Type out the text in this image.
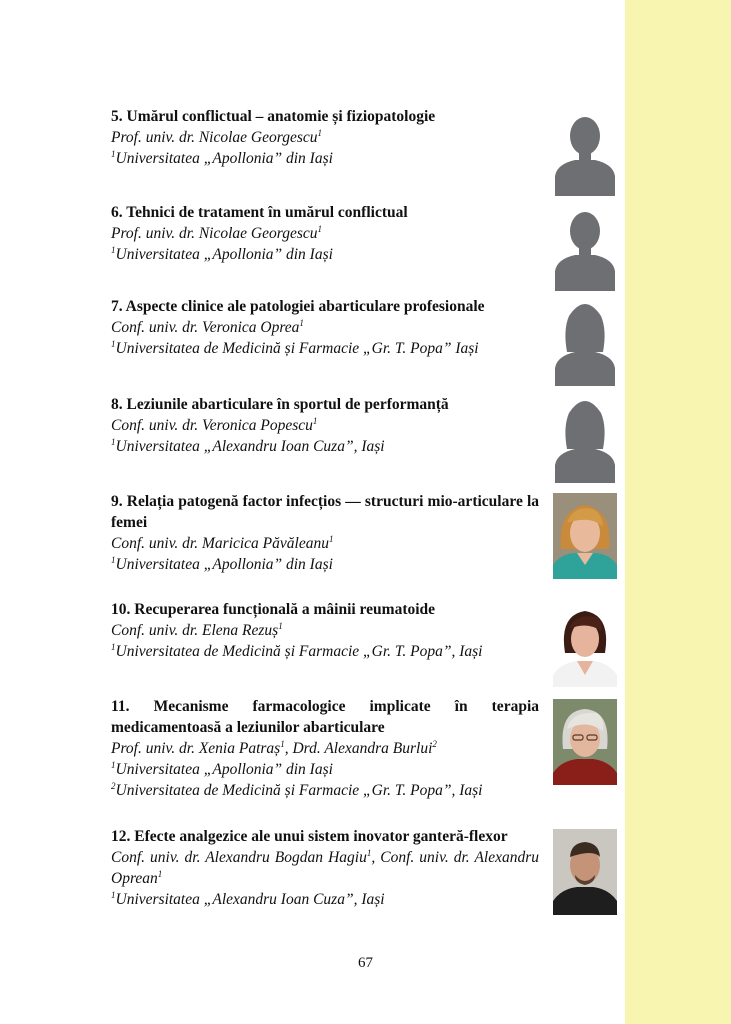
5. Umărul conflictual – anatomie și fiziopatologie
Prof. univ. dr. Nicolae Georgescu$^1$
$^1$Universitatea „Apollonia” din Iași
6. Tehnici de tratament în umărul conflictual
Prof. univ. dr. Nicolae Georgescu$^1$
$^1$Universitatea „Apollonia” din Iași
7. Aspecte clinice ale patologiei abarticulare profesionale
Conf. univ. dr. Veronica Oprea$^1$
$^1$Universitatea de Medicină și Farmacie „Gr. T. Popa” Iași
8. Leziunile abarticulare în sportul de performanță
Conf. univ. dr. Veronica Popescu$^1$
$^1$Universitatea „Alexandru Ioan Cuza”, Iași
9. Relația patogenă factor infecțios — structuri mio-articulare la femei
Conf. univ. dr. Maricica Păvăleanu$^1$
$^1$Universitatea „Apollonia” din Iași
10. Recuperarea funcțională a mâinii reumatoide
Conf. univ. dr. Elena Rezuș$^1$
$^1$Universitatea de Medicină și Farmacie „Gr. T. Popa”, Iași
11. Mecanisme farmacologice implicate în terapia medicamentoasă a leziunilor abarticulare
Prof. univ. dr. Xenia Patraș$^1$, Drd. Alexandra Burlui$^2$
$^1$Universitatea „Apollonia” din Iași
$^2$Universitatea de Medicină și Farmacie „Gr. T. Popa”, Iași
12. Efecte analgezice ale unui sistem inovator ganteră-flexor
Conf. univ. dr. Alexandru Bogdan Hagiu$^1$, Conf. univ. dr. Alexandru Oprean$^1$
$^1$Universitatea „Alexandru Ioan Cuza”, Iași
67
